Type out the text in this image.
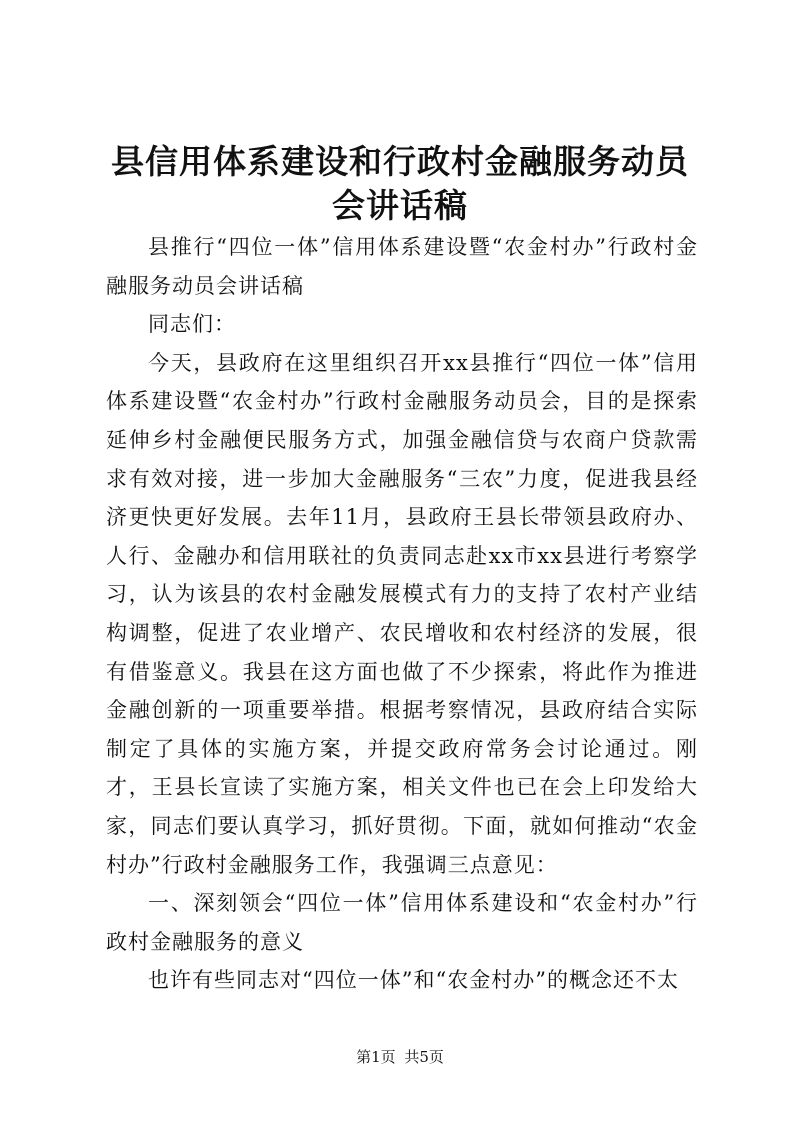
县信用体系建设和行政村金融服务动员会讲话稿

县推行“四位一体”信用体系建设暨“农金村办”行政村金融服务动员会讲话稿

同志们：

今天，县政府在这里组织召开xx县推行“四位一体”信用体系建设暨“农金村办”行政村金融服务动员会，目的是探索延伸乡村金融便民服务方式，加强金融信贷与农商户贷款需求有效对接，进一步加大金融服务“三农”力度，促进我县经济更快更好发展。去年11月，县政府王县长带领县政府办、人行、金融办和信用联社的负责同志赴xx市xx县进行考察学习，认为该县的农村金融发展模式有力的支持了农村产业结构调整，促进了农业增产、农民增收和农村经济的发展，很有借鉴意义。我县在这方面也做了不少探索，将此作为推进金融创新的一项重要举措。根据考察情况，县政府结合实际制定了具体的实施方案，并提交政府常务会讨论通过。刚才，王县长宣读了实施方案，相关文件也已在会上印发给大家，同志们要认真学习，抓好贯彻。下面，就如何推动“农金村办”行政村金融服务工作，我强调三点意见：

一、深刻领会“四位一体”信用体系建设和“农金村办”行政村金融服务的意义

也许有些同志对“四位一体”和“农金村办”的概念还不太

第1页 共5页
